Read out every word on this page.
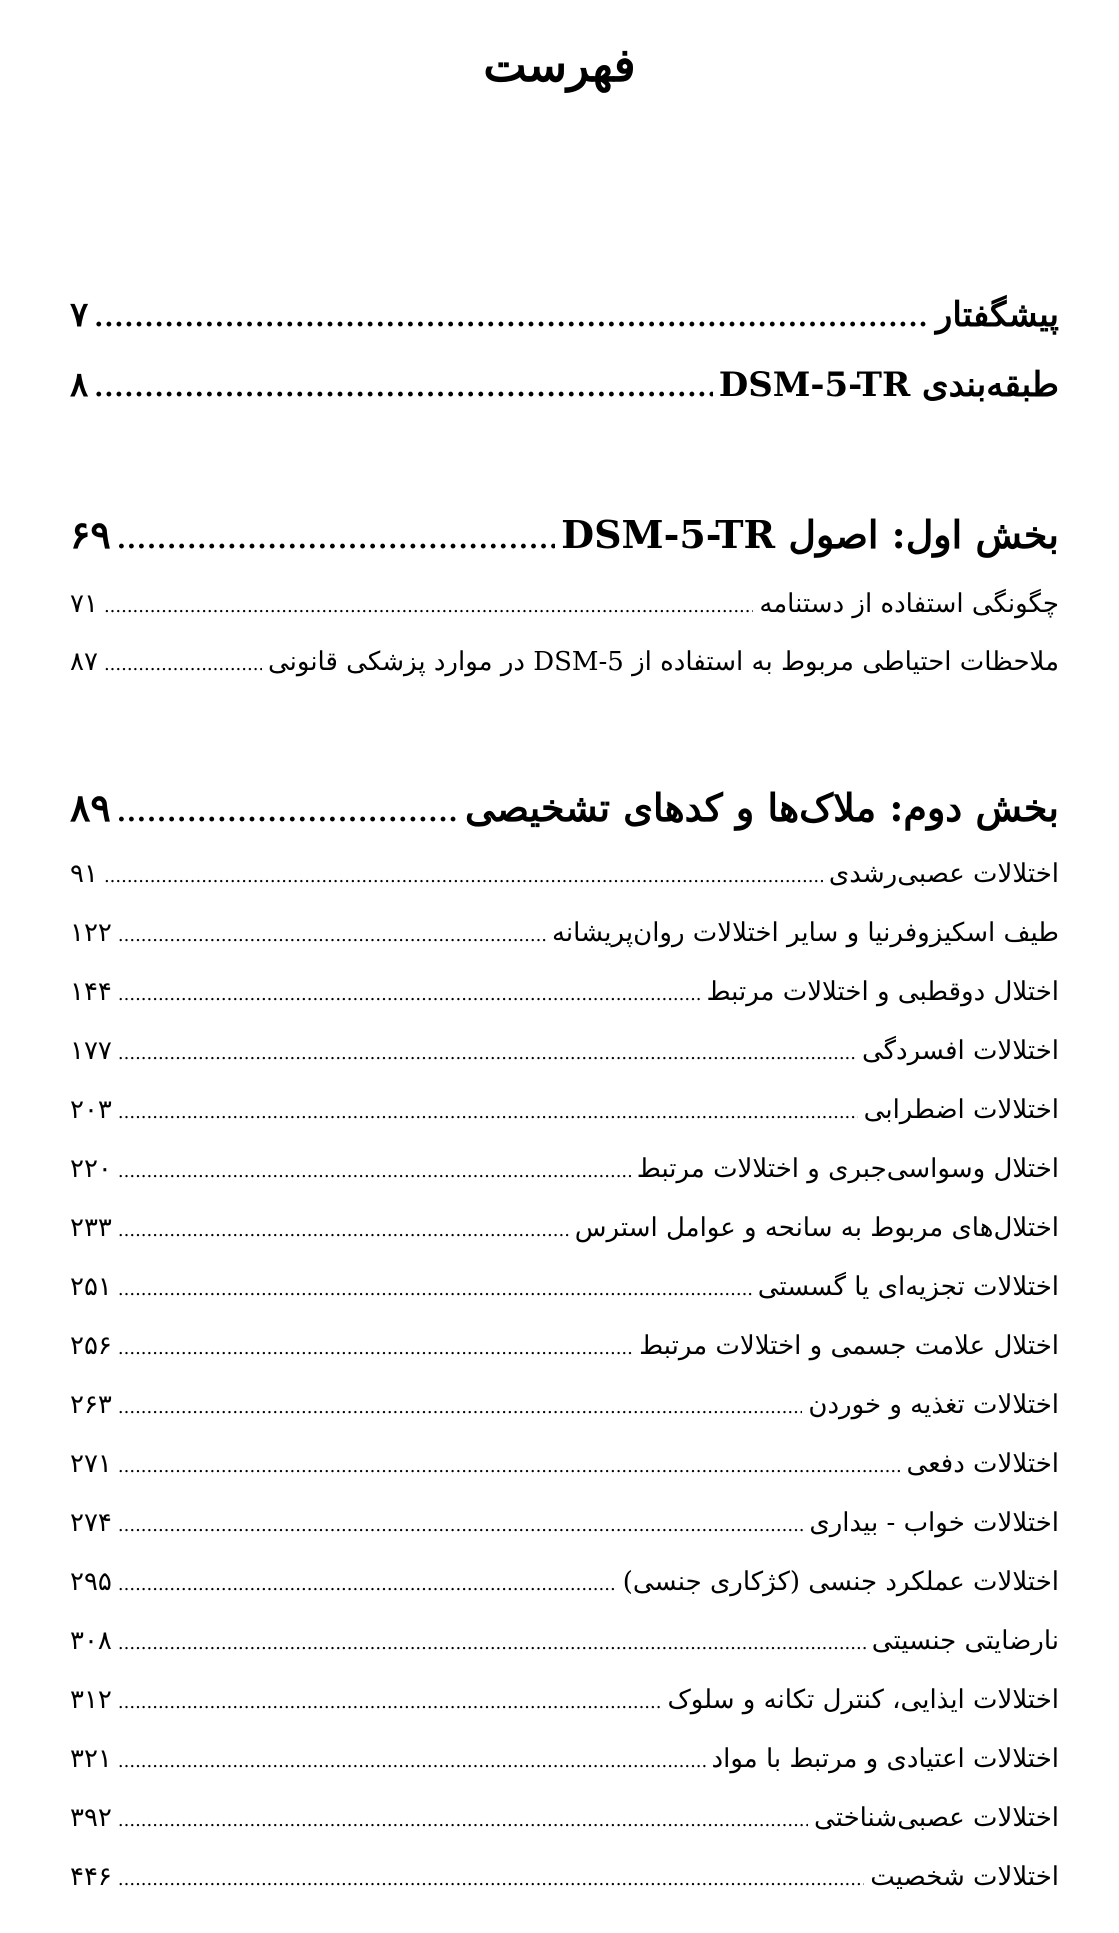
فهرست
پیشگفتار
.....
۷
طبقه‌بندی DSM-5-TR
.....
۸
بخش اول: اصول DSM-5-TR
.....
۶۹
چگونگی استفاده از دستنامه
.....
۷۱
ملاحظات احتیاطی مربوط به استفاده از DSM-5 در موارد پزشکی قانونی
.....
۸۷
بخش دوم: ملاک‌ها و کدهای تشخیصی
.....
۸۹
اختلالات عصبی‌رشدی
.....
۹۱
طیف اسکیزوفرنیا و سایر اختلالات روان‌پریشانه
.....
۱۲۲
اختلال دوقطبی و اختلالات مرتبط
.....
۱۴۴
اختلالات افسردگی
.....
۱۷۷
اختلالات اضطرابی
.....
۲۰۳
اختلال وسواسی‌جبری و اختلالات مرتبط
.....
۲۲۰
اختلال‌های مربوط به سانحه و عوامل استرس
.....
۲۳۳
اختلالات تجزیه‌ای یا گسستی
.....
۲۵۱
اختلال علامت جسمی و اختلالات مرتبط
.....
۲۵۶
اختلالات تغذیه و خوردن
.....
۲۶۳
اختلالات دفعی
.....
۲۷۱
اختلالات خواب - بیداری
.....
۲۷۴
اختلالات عملکرد جنسی (کژکاری جنسی)
.....
۲۹۵
نارضایتی جنسیتی
.....
۳۰۸
اختلالات ایذایی، کنترل تکانه و سلوک
.....
۳۱۲
اختلالات اعتیادی و مرتبط با مواد
.....
۳۲۱
اختلالات عصبی‌شناختی
.....
۳۹۲
اختلالات شخصیت
.....
۴۴۶
